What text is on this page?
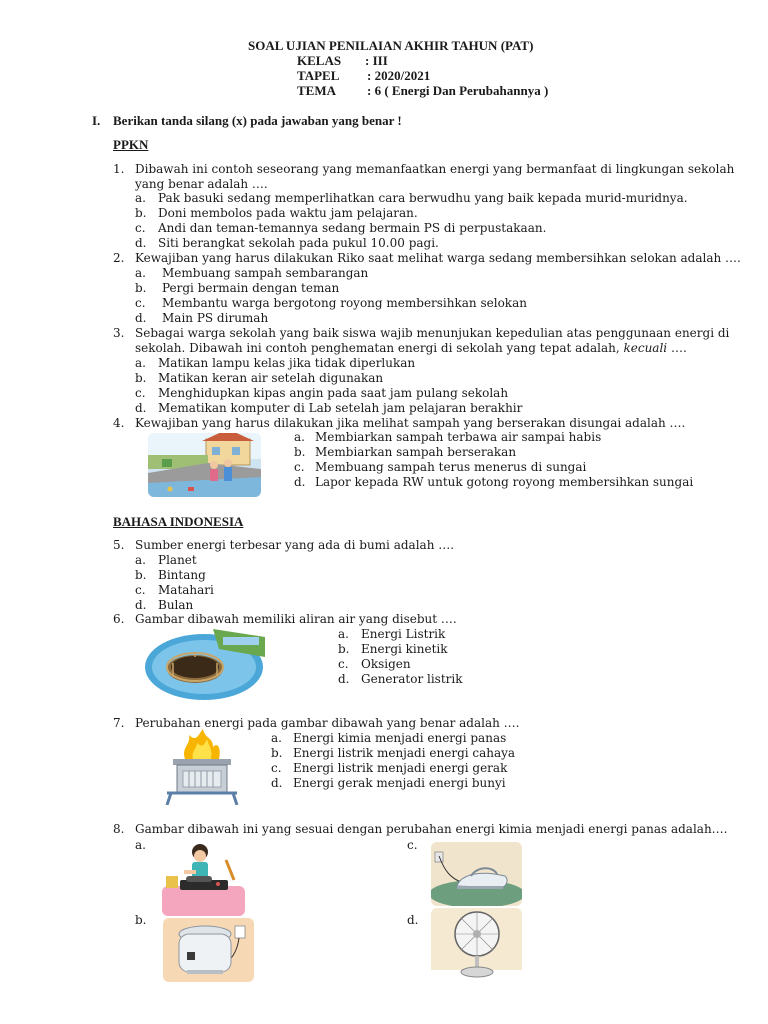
SOAL UJIAN PENILAIAN AKHIR TAHUN (PAT)
KELAS : III
TAPEL : 2020/2021
TEMA : 6 ( Energi Dan Perubahannya )
I. Berikan tanda silang (x) pada jawaban yang benar !
PPKN
1. Dibawah ini contoh seseorang yang memanfaatkan energi yang bermanfaat di lingkungan sekolah
yang benar adalah ….
a. Pak basuki sedang memperlihatkan cara berwudhu yang baik kepada murid-muridnya.
b. Doni membolos pada waktu jam pelajaran.
c. Andi dan teman-temannya sedang bermain PS di perpustakaan.
d. Siti berangkat sekolah pada pukul 10.00 pagi.
2. Kewajiban yang harus dilakukan Riko saat melihat warga sedang membersihkan selokan adalah ….
a. Membuang sampah sembarangan
b. Pergi bermain dengan teman
c. Membantu warga bergotong royong membersihkan selokan
d. Main PS dirumah
3. Sebagai warga sekolah yang baik siswa wajib menunjukan kepedulian atas penggunaan energi di
sekolah. Dibawah ini contoh penghematan energi di sekolah yang tepat adalah, kecuali ….
a. Matikan lampu kelas jika tidak diperlukan
b. Matikan keran air setelah digunakan
c. Menghidupkan kipas angin pada saat jam pulang sekolah
d. Mematikan komputer di Lab setelah jam pelajaran berakhir
4. Kewajiban yang harus dilakukan jika melihat sampah yang berserakan disungai adalah ….
a. Membiarkan sampah terbawa air sampai habis
b. Membiarkan sampah berserakan
c. Membuang sampah terus menerus di sungai
d. Lapor kepada RW untuk gotong royong membersihkan sungai
BAHASA INDONESIA
5. Sumber energi terbesar yang ada di bumi adalah ….
a. Planet
b. Bintang
c. Matahari
d. Bulan
6. Gambar dibawah memiliki aliran air yang disebut ….
a. Energi Listrik
b. Energi kinetik
c. Oksigen
d. Generator listrik
7. Perubahan energi pada gambar dibawah yang benar adalah ….
a. Energi kimia menjadi energi panas
b. Energi listrik menjadi energi cahaya
c. Energi listrik menjadi energi gerak
d. Energi gerak menjadi energi bunyi
8. Gambar dibawah ini yang sesuai dengan perubahan energi kimia menjadi energi panas adalah….
a.	c.
b.	d.
